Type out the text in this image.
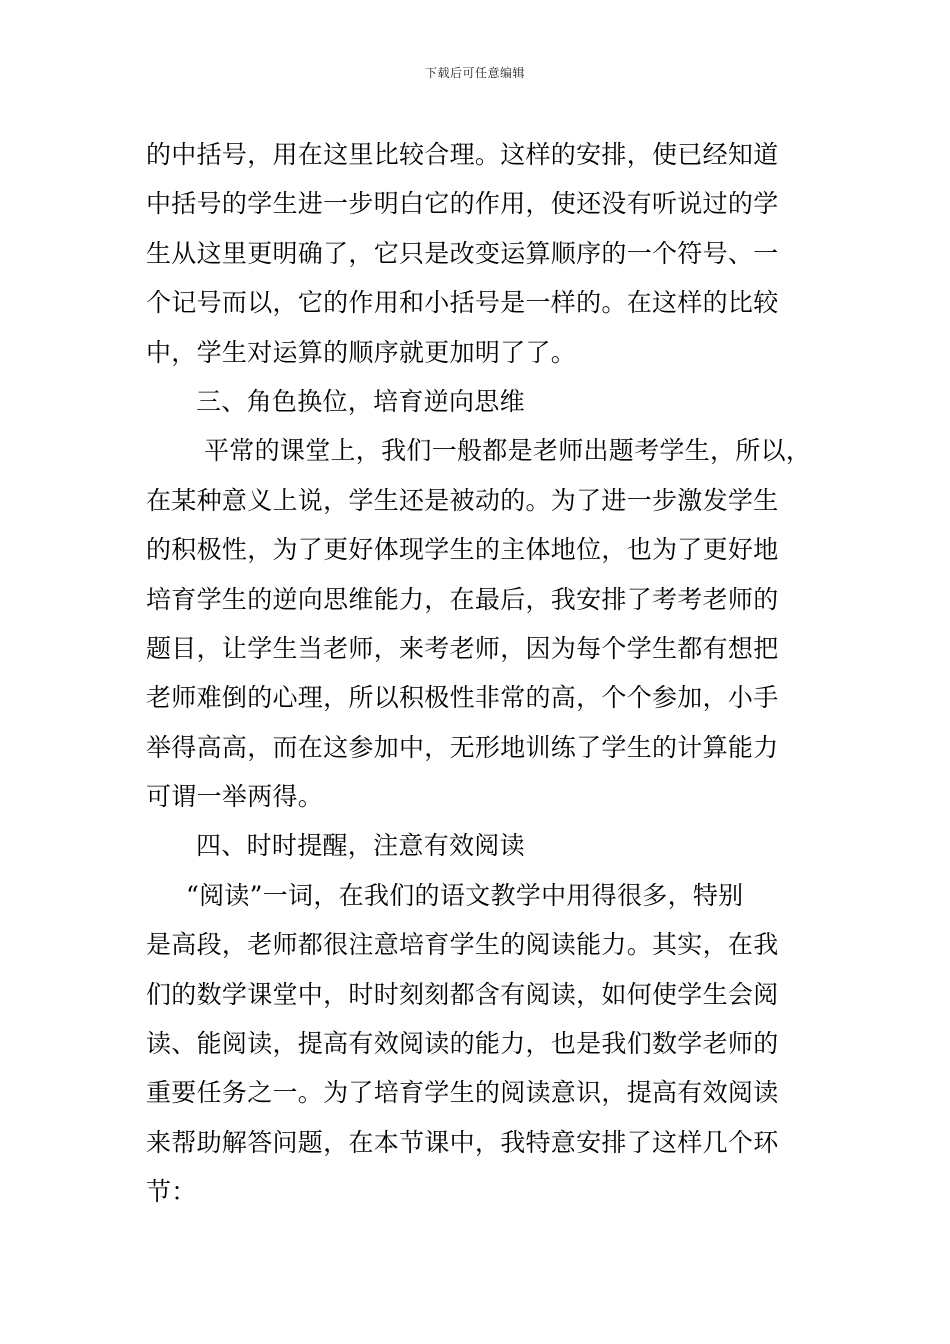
下载后可任意编辑
的中括号，用在这里比较合理。这样的安排，使已经知道
中括号的学生进一步明白它的作用，使还没有听说过的学
生从这里更明确了，它只是改变运算顺序的一个符号、一
个记号而以，它的作用和小括号是一样的。在这样的比较
中，学生对运算的顺序就更加明了了。
三、角色换位，培育逆向思维
平常的课堂上，我们一般都是老师出题考学生，所以，
在某种意义上说，学生还是被动的。为了进一步激发学生
的积极性，为了更好体现学生的主体地位，也为了更好地
培育学生的逆向思维能力，在最后，我安排了考考老师的
题目，让学生当老师，来考老师，因为每个学生都有想把
老师难倒的心理，所以积极性非常的高，个个参加，小手
举得高高，而在这参加中，无形地训练了学生的计算能力
可谓一举两得。
四、时时提醒，注意有效阅读
“阅读”一词，在我们的语文教学中用得很多，特别
是高段，老师都很注意培育学生的阅读能力。其实，在我
们的数学课堂中，时时刻刻都含有阅读，如何使学生会阅
读、能阅读，提高有效阅读的能力，也是我们数学老师的
重要任务之一。为了培育学生的阅读意识，提高有效阅读
来帮助解答问题，在本节课中，我特意安排了这样几个环
节：
